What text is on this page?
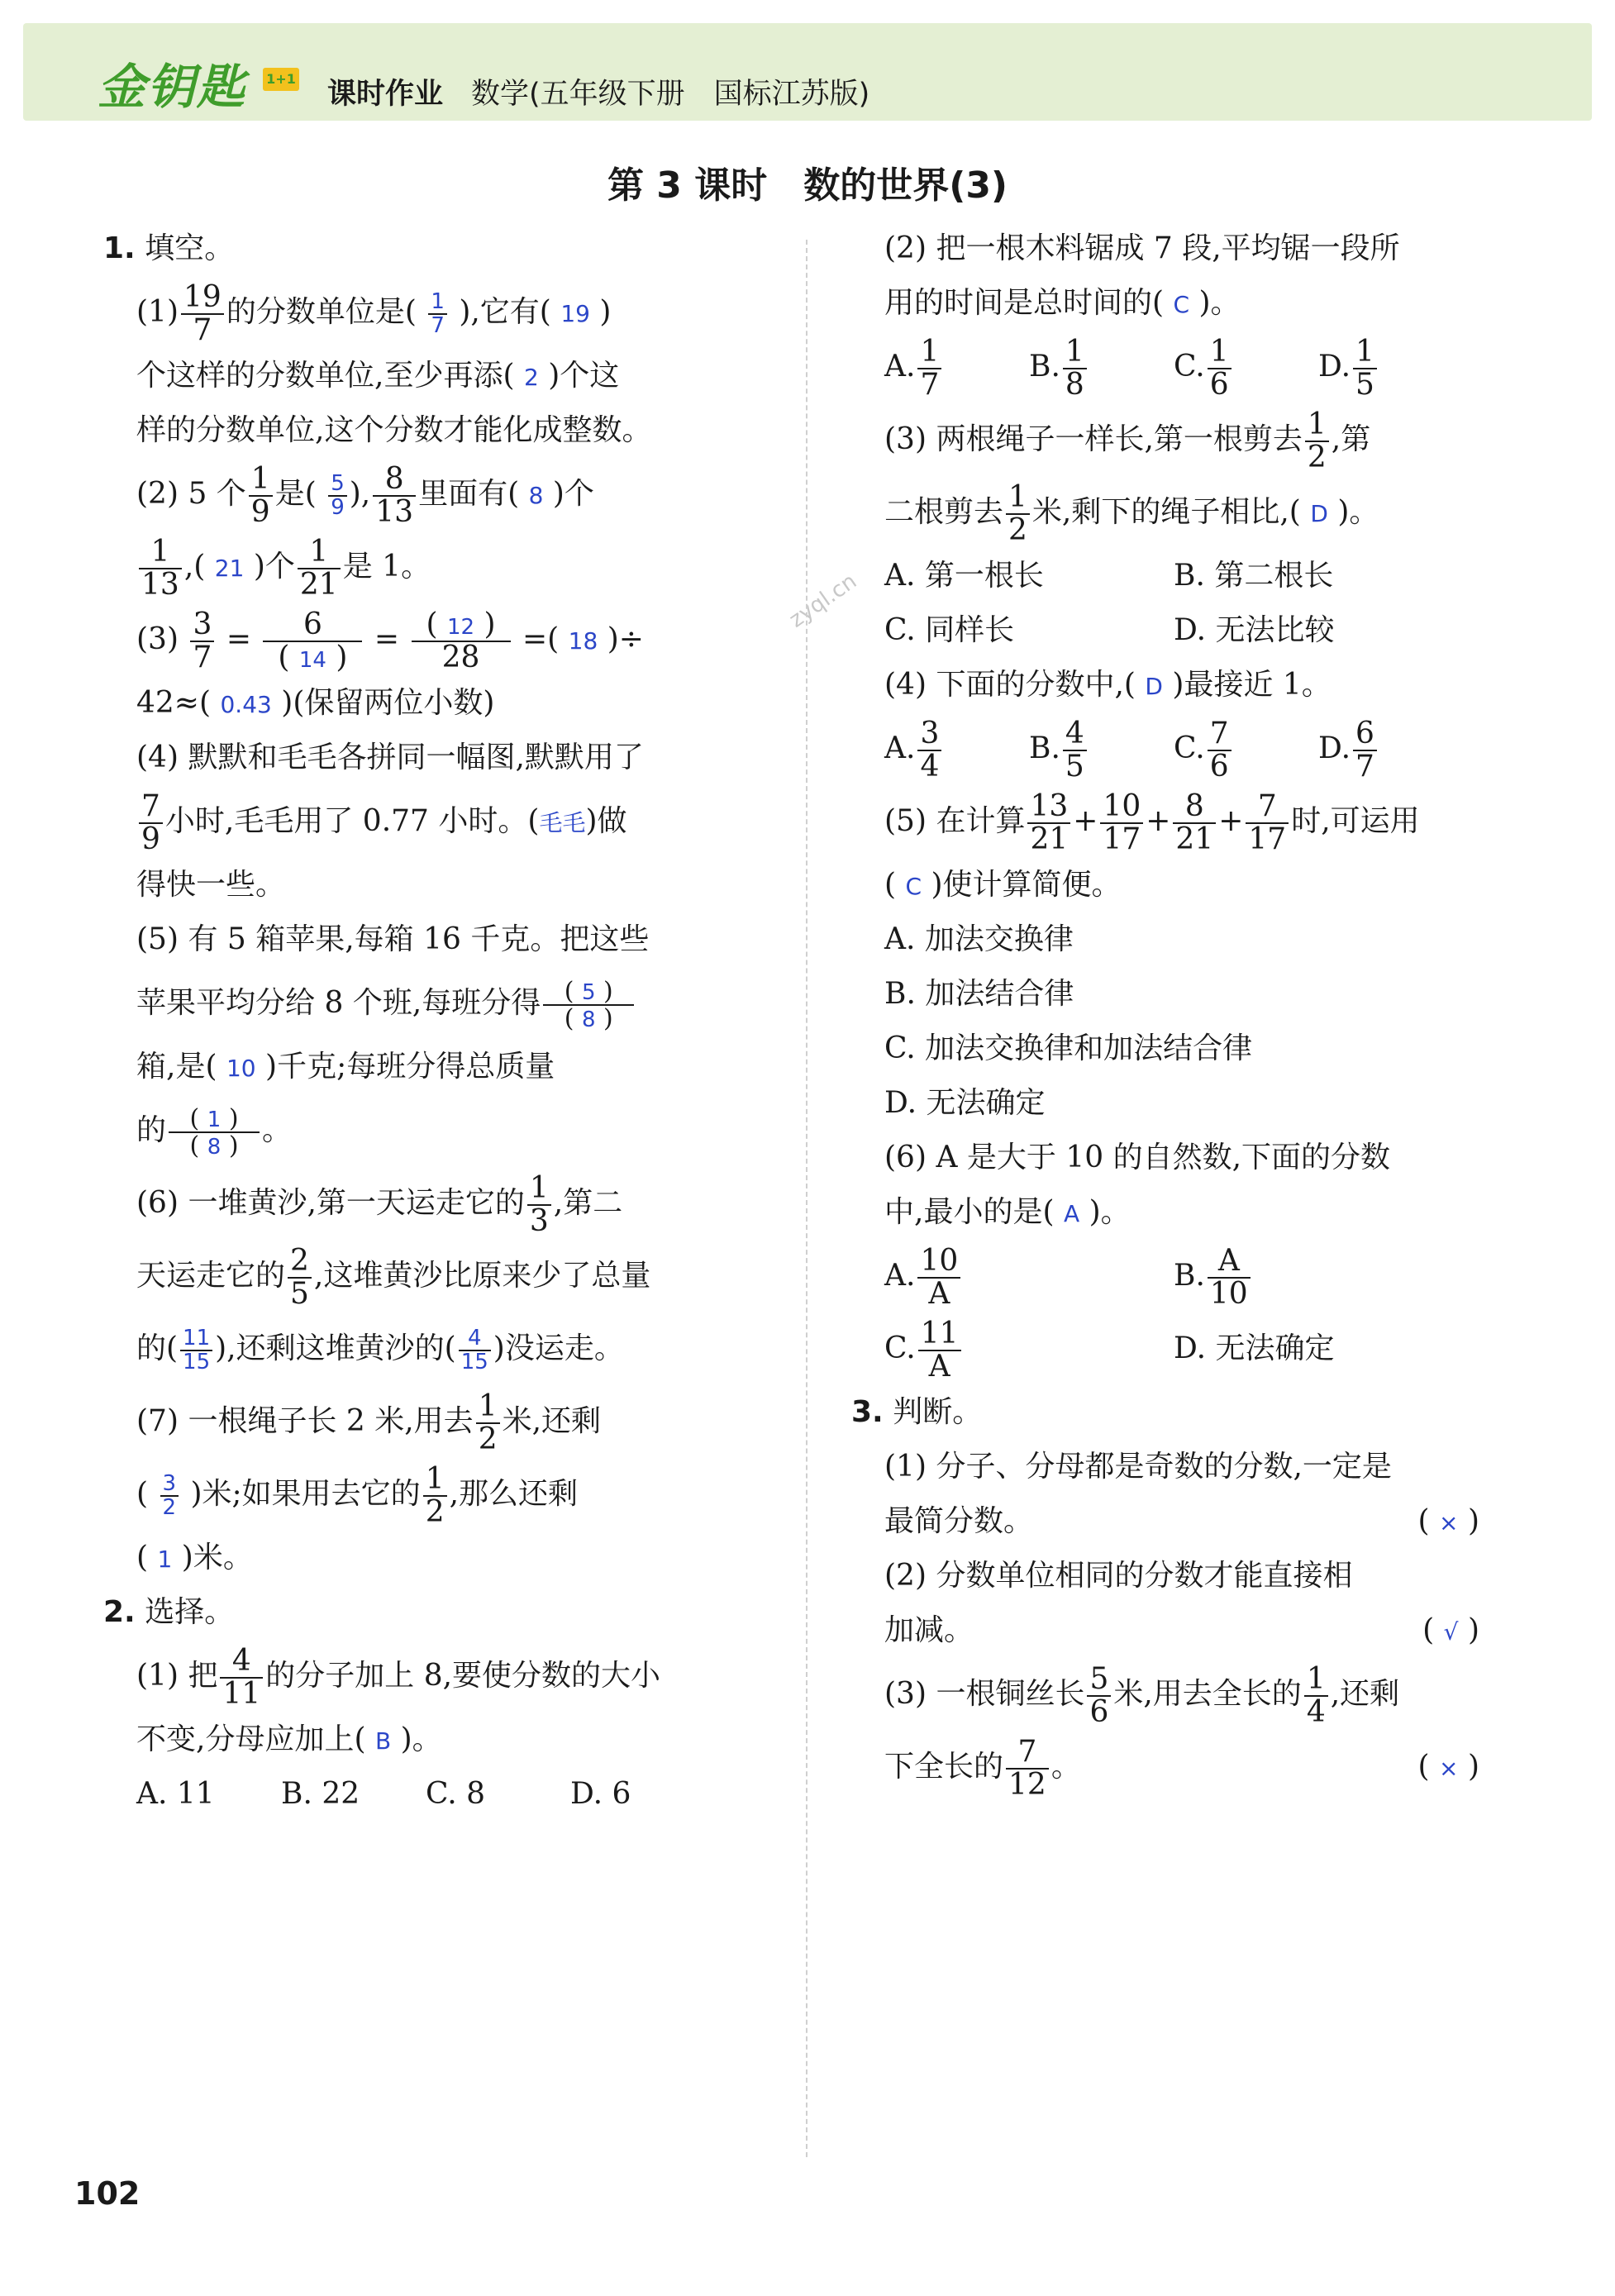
金钥匙 1+1 课时作业 数学(五年级下册　国标江苏版)
第 3 课时　数的世界(3)
zyql.cn
1. 填空。
$(1) \frac{19}{7}$ 的分数单位是( $\frac{1}{7}$ ),它有( 19 )
个这样的分数单位,至少再添( 2 )个这
样的分数单位,这个分数才能化成整数。
(2) 5 个 $\frac{1}{9}$ 是( $\frac{5}{9}$ ), $\frac{8}{13}$ 里面有( 8 )个
$\frac{1}{13}$ ,( 21 )个 $\frac{1}{21}$ 是 1。
$(3) \frac{3}{7} = \frac{6}{( 14 )} = \frac{( 12 )}{28}$ =( 18 )÷
42≈( 0.43 )(保留两位小数)
(4) 默默和毛毛各拼同一幅图,默默用了
$\frac{7}{9}$ 小时,毛毛用了 0.77 小时。(毛毛)做
得快一些。
(5) 有 5 箱苹果,每箱 16 千克。把这些
苹果平均分给 8 个班,每班分得 $\frac{( 5 )}{( 8 )}$
箱,是( 10 )千克;每班分得总质量
的 $\frac{( 1 )}{( 8 )}$ 。
(6) 一堆黄沙,第一天运走它的 $\frac{1}{3}$ ,第二
天运走它的 $\frac{2}{5}$ ,这堆黄沙比原来少了总量
的( $\frac{11}{15}$ ),还剩这堆黄沙的( $\frac{4}{15}$ )没运走。
(7) 一根绳子长 2 米,用去 $\frac{1}{2}$ 米,还剩
( $\frac{3}{2}$ )米;如果用去它的 $\frac{1}{2}$ ,那么还剩
( 1 )米。
2. 选择。
(1) 把 $\frac{4}{11}$ 的分子加上 8,要使分数的大小
不变,分母应加上( B )。
A. 11 B. 22 C. 8	D. 6
(2) 把一根木料锯成 7 段,平均锯一段所
用的时间是总时间的( C )。
A. $\frac{1}{7}$	B. $\frac{1}{8}$	C. $\frac{1}{6}$	D. $\frac{1}{5}$
(3) 两根绳子一样长,第一根剪去 $\frac{1}{2}$ ,第
二根剪去 $\frac{1}{2}$ 米,剩下的绳子相比,( D )。
A. 第一根长	B. 第二根长
C. 同样长	D. 无法比较
(4) 下面的分数中,( D )最接近 1。
A. $\frac{3}{4}$	B. $\frac{4}{5}$	C. $\frac{7}{6}$	D. $\frac{6}{7}$
(5) 在计算 $\frac{13}{21} + \frac{10}{17} + \frac{8}{21} + \frac{7}{17}$ 时,可运用
( C )使计算简便。
A. 加法交换律
B. 加法结合律
C. 加法交换律和加法结合律
D. 无法确定
(6) A 是大于 10 的自然数,下面的分数
中,最小的是( A )。
A. $\frac{10}{A}$	B. $\frac{A}{10}$
C. $\frac{11}{A}$	D. 无法确定
3. 判断。
(1) 分子、分母都是奇数的分数,一定是
最简分数。	( × )
(2) 分数单位相同的分数才能直接相
加减。	( √ )
(3) 一根铜丝长 $\frac{5}{6}$ 米,用去全长的 $\frac{1}{4}$ ,还剩
下全长的 $\frac{7}{12}$ 。	( × )
102
